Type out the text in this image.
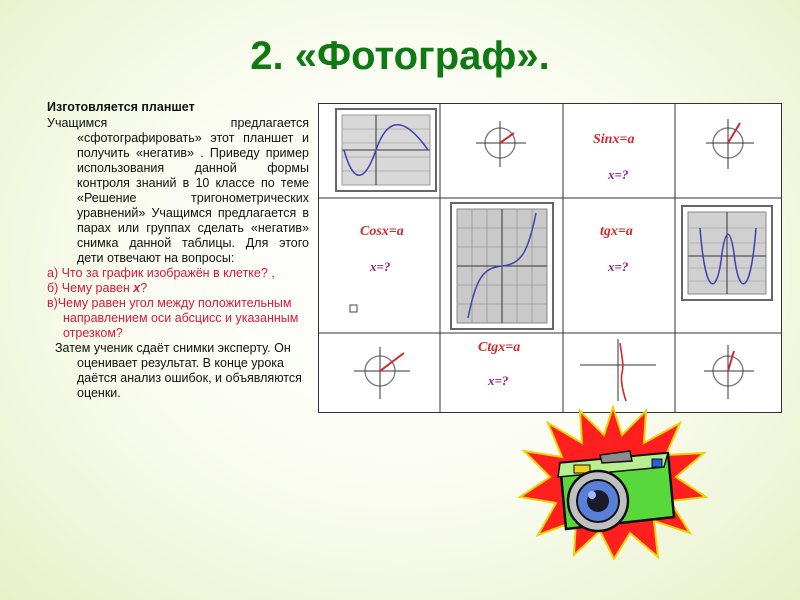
2. «Фотограф».

Изготовляется планшет

Учащимся предлагается «сфотографировать» этот планшет и получить «негатив» . Приведу пример использования данной формы контроля знаний в 10 классе по теме «Решение тригонометрических уравнений» Учащимся предлагается в парах или группах сделать «негатив» снимка данной таблицы. Для этого дети отвечают на вопросы:

а) Что за график изображён в клетке? ,

б) Чему равен x?

в)Чему равен угол между положительным направлением оси абсцисс и указанным отрезком?

Затем ученик сдаёт снимки эксперту. Он оценивает результат. В конце урока даётся анализ ошибок, и объявляются оценки.

Sinx=a
x=?
Cosx=a
x=?
tgx=a
x=?
Ctgx=a
x=?
